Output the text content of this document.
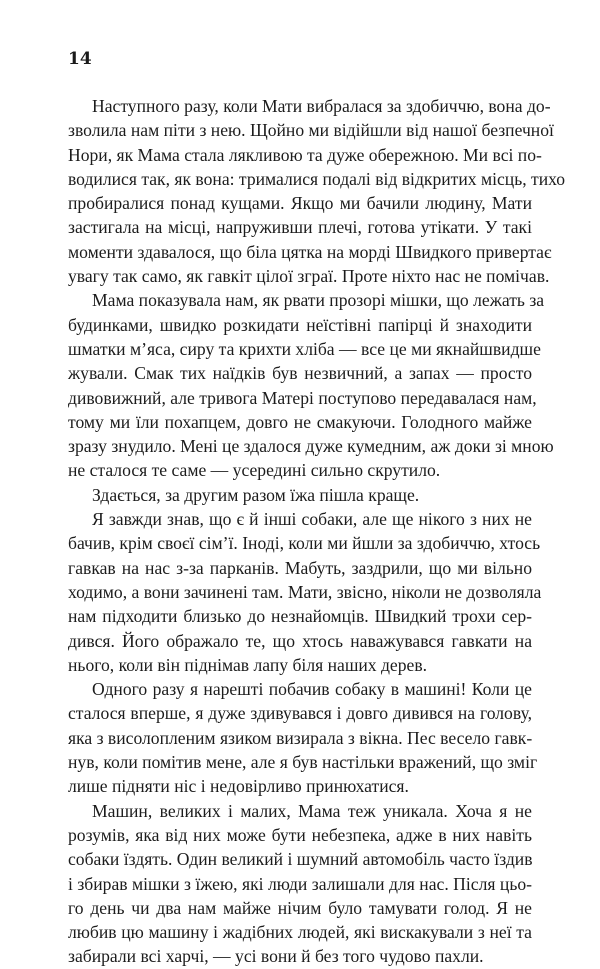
14

Наступного разу, коли Мати вибралася за здобиччю, вона до-
зволила нам піти з нею. Щойно ми відійшли від нашої безпечної
Нори, як Мама стала лякливою та дуже обережною. Ми всі по-
водилися так, як вона: трималися подалі від відкритих місць, тихо
пробиралися понад кущами. Якщо ми бачили людину, Мати
застигала на місці, напруживши плечі, готова утікати. У такі
моменти здавалося, що біла цятка на морді Швидкого привертає
увагу так само, як гавкіт цілої зграї. Проте ніхто нас не помічав.

Мама показувала нам, як рвати прозорі мішки, що лежать за
будинками, швидко розкидати неїстівні папірці й знаходити
шматки м’яса, сиру та крихти хліба — все це ми якнайшвидше
жували. Смак тих наїдків був незвичний, а запах — просто
дивовижний, але тривога Матері поступово передавалася нам,
тому ми їли похапцем, довго не смакуючи. Голодного майже
зразу знудило. Мені це здалося дуже кумедним, аж доки зі мною
не сталося те саме — усередині сильно скрутило.

Здається, за другим разом їжа пішла краще.

Я завжди знав, що є й інші собаки, але ще нікого з них не
бачив, крім своєї сім’ї. Іноді, коли ми йшли за здобиччю, хтось
гавкав на нас з-за парканів. Мабуть, заздрили, що ми вільно
ходимо, а вони зачинені там. Мати, звісно, ніколи не дозволяла
нам підходити близько до незнайомців. Швидкий трохи сер-
дився. Його ображало те, що хтось наважувався гавкати на
нього, коли він піднімав лапу біля наших дерев.

Одного разу я нарешті побачив собаку в машині! Коли це
сталося вперше, я дуже здивувався і довго дивився на голову,
яка з висолопленим язиком визирала з вікна. Пес весело гавк-
нув, коли помітив мене, але я був настільки вражений, що зміг
лише підняти ніс і недовірливо принюхатися.

Машин, великих і малих, Мама теж уникала. Хоча я не
розумів, яка від них може бути небезпека, адже в них навіть
собаки їздять. Один великий і шумний автомобіль часто їздив
і збирав мішки з їжею, які люди залишали для нас. Після цьо-
го день чи два нам майже нічим було тамувати голод. Я не
любив цю машину і жадібних людей, які вискакували з неї та
забирали всі харчі, — усі вони й без того чудово пахли.
